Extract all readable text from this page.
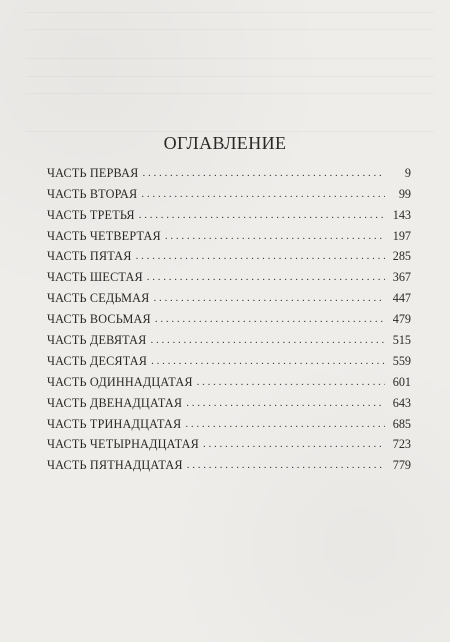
ОГЛАВЛЕНИЕ
ЧАСТЬ ПЕРВАЯ . . .	9
ЧАСТЬ ВТОРАЯ . . .	99
ЧАСТЬ ТРЕТЬЯ . . .	143
ЧАСТЬ ЧЕТВЕРТАЯ . . .	197
ЧАСТЬ ПЯТАЯ . . .	285
ЧАСТЬ ШЕСТАЯ . . .	367
ЧАСТЬ СЕДЬМАЯ . . .	447
ЧАСТЬ ВОСЬМАЯ . . .	479
ЧАСТЬ ДЕВЯТАЯ . . .	515
ЧАСТЬ ДЕСЯТАЯ . . .	559
ЧАСТЬ ОДИННАДЦАТАЯ . . .	601
ЧАСТЬ ДВЕНАДЦАТАЯ . . .	643
ЧАСТЬ ТРИНАДЦАТАЯ . . .	685
ЧАСТЬ ЧЕТЫРНАДЦАТАЯ . . .	723
ЧАСТЬ ПЯТНАДЦАТАЯ . . .	779
